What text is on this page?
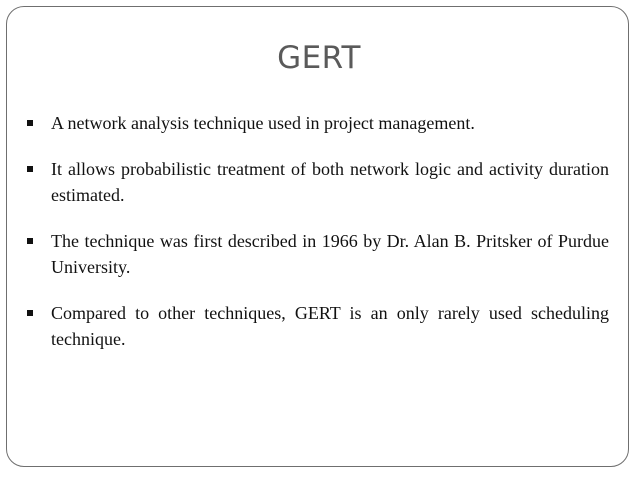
GERT
A network analysis technique used in project management.
It allows probabilistic treatment of both network logic and activity duration estimated.
The technique was first described in 1966 by Dr. Alan B. Pritsker of Purdue University.
Compared to other techniques, GERT is an only rarely used scheduling technique.
